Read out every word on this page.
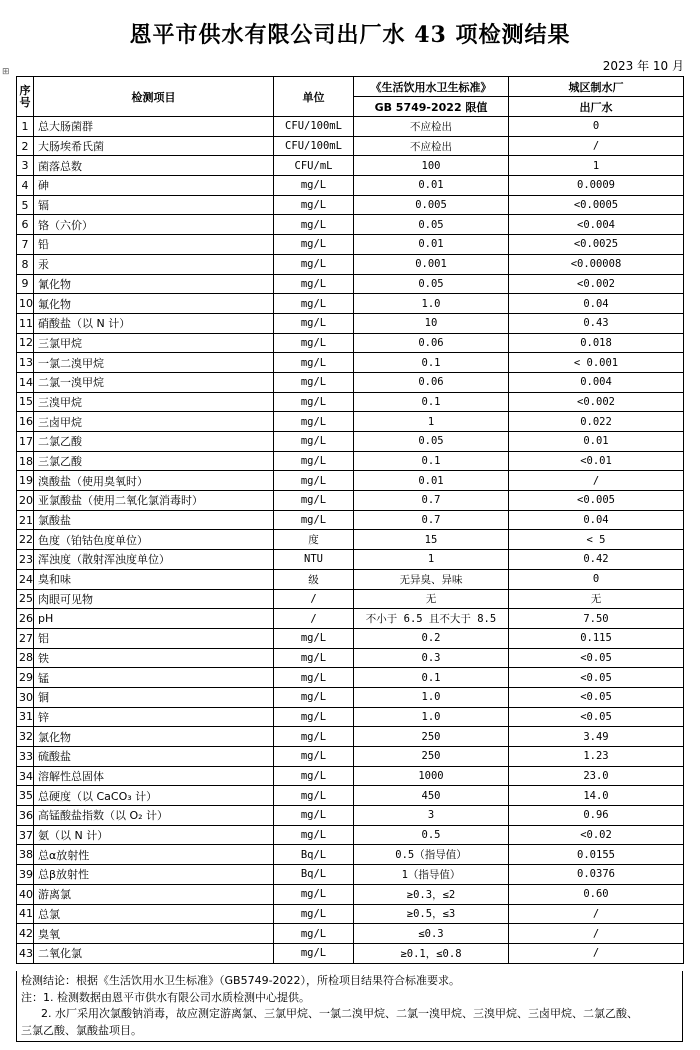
恩平市供水有限公司出厂水 43 项检测结果
⊞	2023 年 10 月
序号	检测项目	单位	《生活饮用水卫生标准》	城区制水厂
			GB 5749-2022 限值	出厂水
1	总大肠菌群	CFU/100mL	不应检出	0
2	大肠埃希氏菌	CFU/100mL	不应检出	/
3	菌落总数	CFU/mL	100	1
4	砷	mg/L	0.01	0.0009
5	镉	mg/L	0.005	<0.0005
6	铬（六价）	mg/L	0.05	<0.004
7	铅	mg/L	0.01	<0.0025
8	汞	mg/L	0.001	<0.00008
9	氰化物	mg/L	0.05	<0.002
10	氟化物	mg/L	1.0	0.04
11	硝酸盐（以 N 计）	mg/L	10	0.43
12	三氯甲烷	mg/L	0.06	0.018
13	一氯二溴甲烷	mg/L	0.1	< 0.001
14	二氯一溴甲烷	mg/L	0.06	0.004
15	三溴甲烷	mg/L	0.1	<0.002
16	三卤甲烷	mg/L	1	0.022
17	二氯乙酸	mg/L	0.05	0.01
18	三氯乙酸	mg/L	0.1	<0.01
19	溴酸盐（使用臭氧时）	mg/L	0.01	/
20	亚氯酸盐（使用二氧化氯消毒时）	mg/L	0.7	<0.005
21	氯酸盐	mg/L	0.7	0.04
22	色度（铂钴色度单位）	度	15	< 5
23	浑浊度（散射浑浊度单位）	NTU	1	0.42
24	臭和味	级	无异臭、异味	0
25	肉眼可见物	/	无	无
26	pH	/	不小于 6.5 且不大于 8.5	7.50
27	铝	mg/L	0.2	0.115
28	铁	mg/L	0.3	<0.05
29	锰	mg/L	0.1	<0.05
30	铜	mg/L	1.0	<0.05
31	锌	mg/L	1.0	<0.05
32	氯化物	mg/L	250	3.49
33	硫酸盐	mg/L	250	1.23
34	溶解性总固体	mg/L	1000	23.0
35	总硬度（以 CaCO₃ 计）	mg/L	450	14.0
36	高锰酸盐指数（以 O₂ 计）	mg/L	3	0.96
37	氨（以 N 计）	mg/L	0.5	<0.02
38	总α放射性	Bq/L	0.5（指导值）	0.0155
39	总β放射性	Bq/L	1（指导值）	0.0376
40	游离氯	mg/L	≥0.3，≤2	0.60
41	总氯	mg/L	≥0.5，≤3	/
42	臭氧	mg/L	≤0.3	/
43	二氧化氯	mg/L	≥0.1，≤0.8	/
检测结论：根据《生活饮用水卫生标准》（GB5749-2022），所检项目结果符合标准要求。
注：1. 检测数据由恩平市供水有限公司水质检测中心提供。
2. 水厂采用次氯酸钠消毒，故应测定游离氯、三氯甲烷、一氯二溴甲烷、二氯一溴甲烷、三溴甲烷、三卤甲烷、二氯乙酸、
三氯乙酸、氯酸盐项目。
